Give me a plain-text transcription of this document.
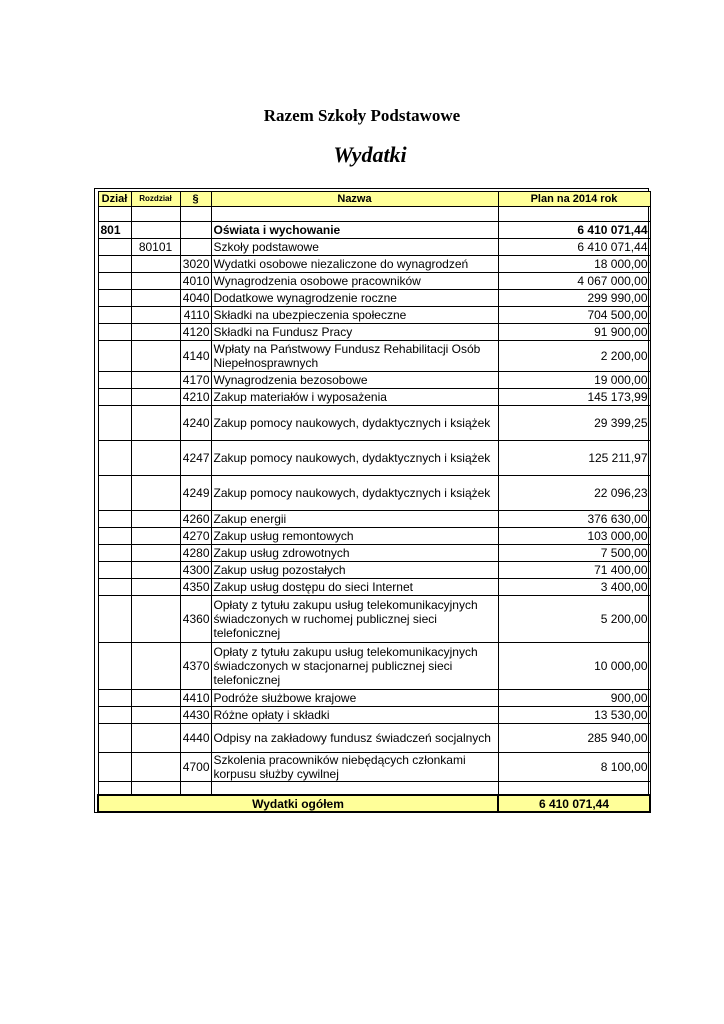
Razem Szkoły Podstawowe
Wydatki
Dział	Rozdział	§	Nazwa	Plan na 2014 rok

801			Oświata i wychowanie	6 410 071,44
	80101		Szkoły podstawowe	6 410 071,44
		3020	Wydatki osobowe niezaliczone do wynagrodzeń	18 000,00
		4010	Wynagrodzenia osobowe pracowników	4 067 000,00
		4040	Dodatkowe wynagrodzenie roczne	299 990,00
		4110	Składki na ubezpieczenia społeczne	704 500,00
		4120	Składki na Fundusz Pracy	91 900,00
		4140	Wpłaty na Państwowy Fundusz Rehabilitacji Osób Niepełnosprawnych	2 200,00
		4170	Wynagrodzenia bezosobowe	19 000,00
		4210	Zakup materiałów i wyposażenia	145 173,99
		4240	Zakup pomocy naukowych, dydaktycznych i książek	29 399,25
		4247	Zakup pomocy naukowych, dydaktycznych i książek	125 211,97
		4249	Zakup pomocy naukowych, dydaktycznych i książek	22 096,23
		4260	Zakup energii	376 630,00
		4270	Zakup usług remontowych	103 000,00
		4280	Zakup usług zdrowotnych	7 500,00
		4300	Zakup usług pozostałych	71 400,00
		4350	Zakup usług dostępu do sieci Internet	3 400,00
		4360	Opłaty z tytułu zakupu usług telekomunikacyjnych świadczonych w ruchomej publicznej sieci telefonicznej	5 200,00
		4370	Opłaty z tytułu zakupu usług telekomunikacyjnych świadczonych w stacjonarnej publicznej sieci telefonicznej	10 000,00
		4410	Podróże służbowe krajowe	900,00
		4430	Różne opłaty i składki	13 530,00
		4440	Odpisy na zakładowy fundusz świadczeń socjalnych	285 940,00
		4700	Szkolenia pracowników niebędących członkami korpusu służby cywilnej	8 100,00

Wydatki ogółem				6 410 071,44
